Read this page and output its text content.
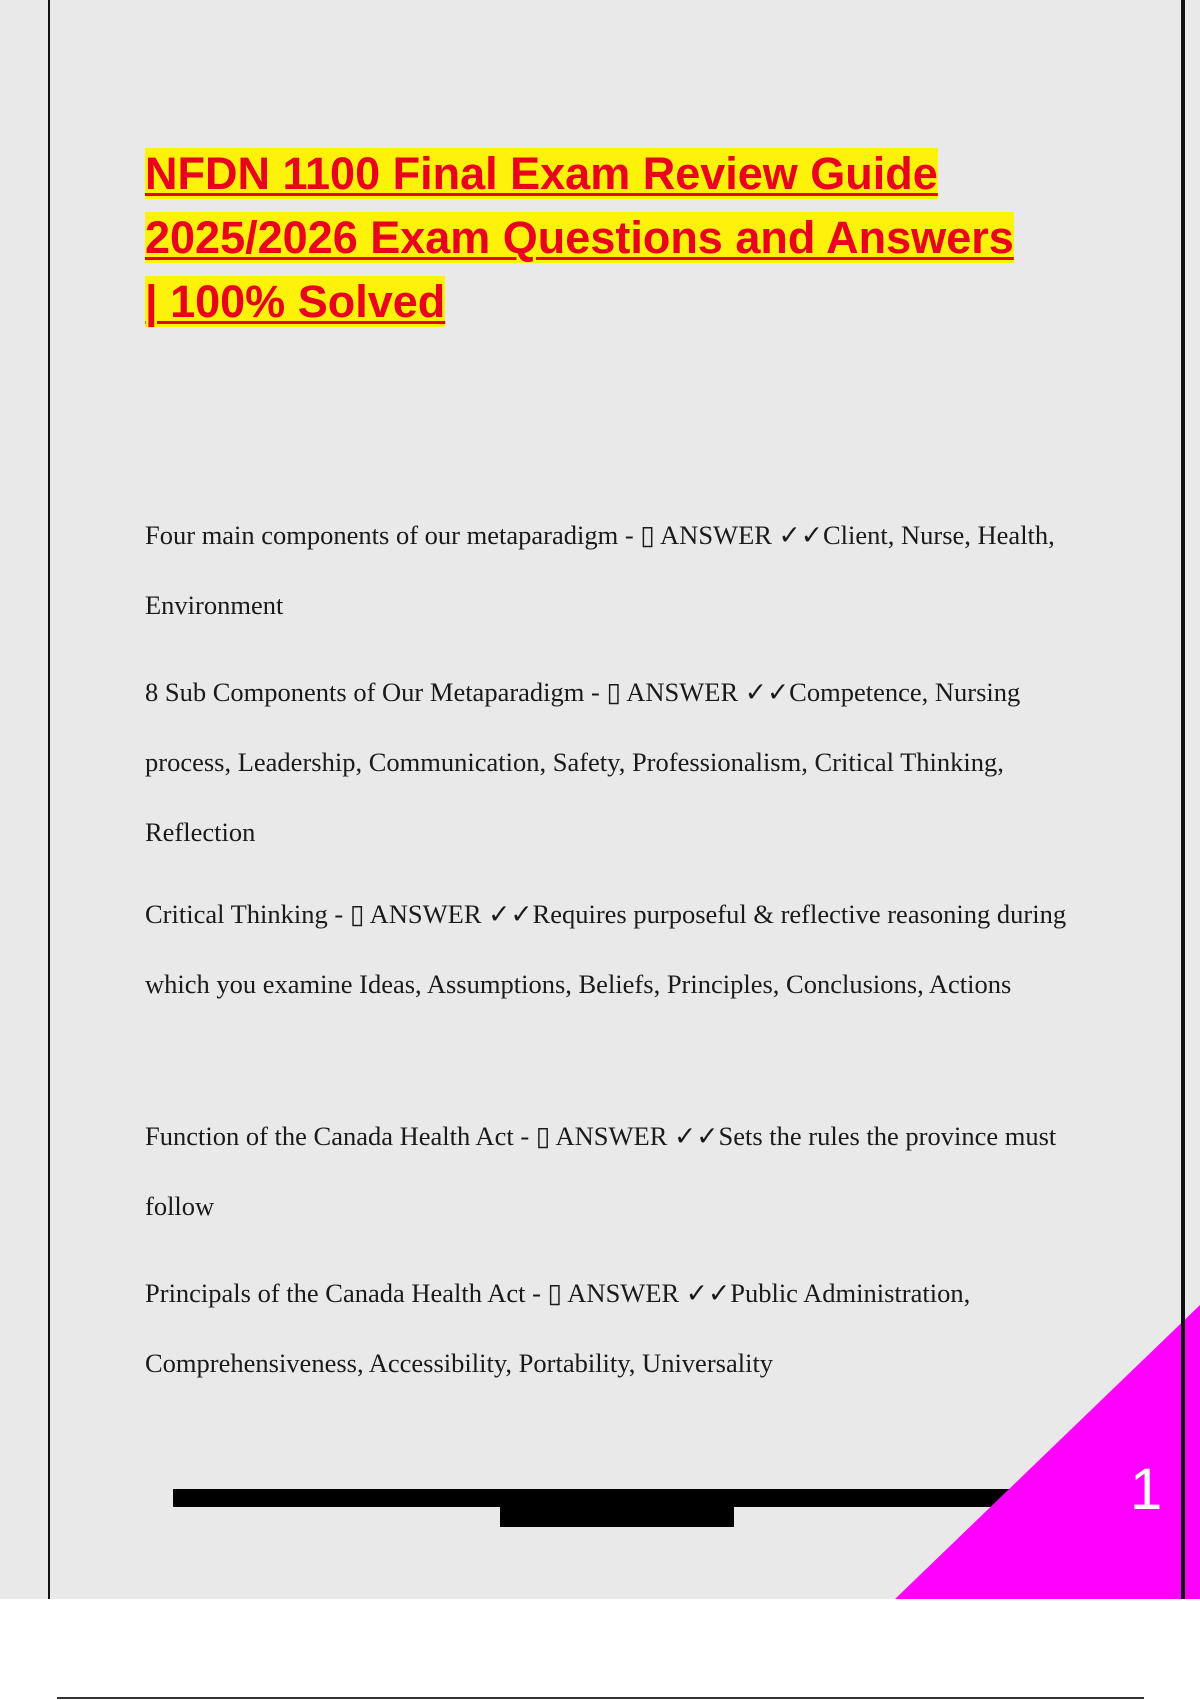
NFDN 1100 Final Exam Review Guide
2025/2026 Exam Questions and Answers
| 100% Solved

Four main components of our metaparadigm - ▯ ANSWER ✓✓Client, Nurse, Health, Environment

8 Sub Components of Our Metaparadigm - ▯ ANSWER ✓✓Competence, Nursing process, Leadership, Communication, Safety, Professionalism, Critical Thinking, Reflection

Critical Thinking - ▯ ANSWER ✓✓Requires purposeful & reflective reasoning during which you examine Ideas, Assumptions, Beliefs, Principles, Conclusions, Actions

Function of the Canada Health Act - ▯ ANSWER ✓✓Sets the rules the province must follow

Principals of the Canada Health Act - ▯ ANSWER ✓✓Public Administration, Comprehensiveness, Accessibility, Portability, Universality

1
